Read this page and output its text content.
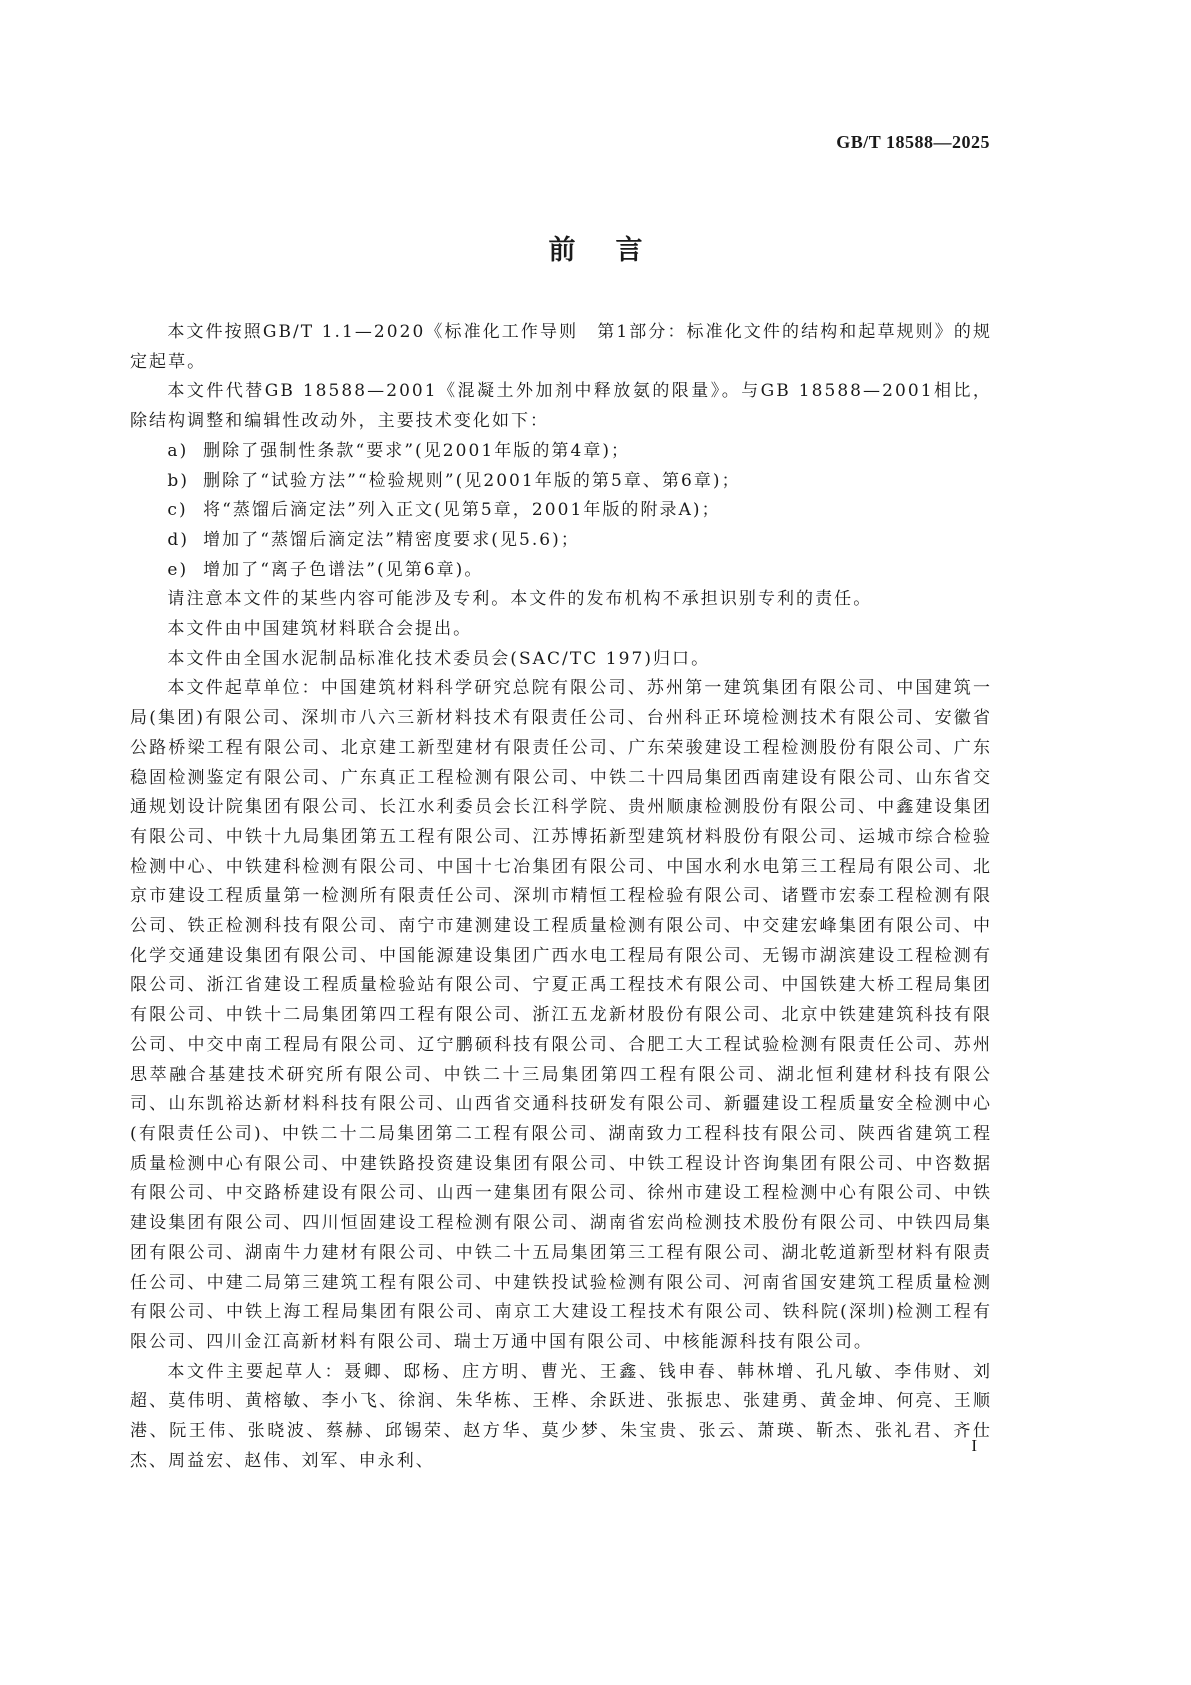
GB/T 18588—2025
前言

本文件按照GB/T 1.1—2020《标准化工作导则　第1部分：标准化文件的结构和起草规则》的规定起草。

本文件代替GB 18588—2001《混凝土外加剂中释放氨的限量》。与GB 18588—2001相比，除结构调整和编辑性改动外，主要技术变化如下：

a) 删除了强制性条款“要求”(见2001年版的第4章)；

b) 删除了“试验方法”“检验规则”(见2001年版的第5章、第6章)；

c) 将“蒸馏后滴定法”列入正文(见第5章，2001年版的附录A)；

d) 增加了“蒸馏后滴定法”精密度要求(见5.6)；

e) 增加了“离子色谱法”(见第6章)。

请注意本文件的某些内容可能涉及专利。本文件的发布机构不承担识别专利的责任。

本文件由中国建筑材料联合会提出。

本文件由全国水泥制品标准化技术委员会(SAC/TC 197)归口。

本文件起草单位：中国建筑材料科学研究总院有限公司、苏州第一建筑集团有限公司、中国建筑一局(集团)有限公司、深圳市八六三新材料技术有限责任公司、台州科正环境检测技术有限公司、安徽省公路桥梁工程有限公司、北京建工新型建材有限责任公司、广东荣骏建设工程检测股份有限公司、广东稳固检测鉴定有限公司、广东真正工程检测有限公司、中铁二十四局集团西南建设有限公司、山东省交通规划设计院集团有限公司、长江水利委员会长江科学院、贵州顺康检测股份有限公司、中鑫建设集团有限公司、中铁十九局集团第五工程有限公司、江苏博拓新型建筑材料股份有限公司、运城市综合检验检测中心、中铁建科检测有限公司、中国十七冶集团有限公司、中国水利水电第三工程局有限公司、北京市建设工程质量第一检测所有限责任公司、深圳市精恒工程检验有限公司、诸暨市宏泰工程检测有限公司、铁正检测科技有限公司、南宁市建测建设工程质量检测有限公司、中交建宏峰集团有限公司、中化学交通建设集团有限公司、中国能源建设集团广西水电工程局有限公司、无锡市湖滨建设工程检测有限公司、浙江省建设工程质量检验站有限公司、宁夏正禹工程技术有限公司、中国铁建大桥工程局集团有限公司、中铁十二局集团第四工程有限公司、浙江五龙新材股份有限公司、北京中铁建建筑科技有限公司、中交中南工程局有限公司、辽宁鹏硕科技有限公司、合肥工大工程试验检测有限责任公司、苏州思萃融合基建技术研究所有限公司、中铁二十三局集团第四工程有限公司、湖北恒利建材科技有限公司、山东凯裕达新材料科技有限公司、山西省交通科技研发有限公司、新疆建设工程质量安全检测中心(有限责任公司)、中铁二十二局集团第二工程有限公司、湖南致力工程科技有限公司、陕西省建筑工程质量检测中心有限公司、中建铁路投资建设集团有限公司、中铁工程设计咨询集团有限公司、中咨数据有限公司、中交路桥建设有限公司、山西一建集团有限公司、徐州市建设工程检测中心有限公司、中铁建设集团有限公司、四川恒固建设工程检测有限公司、湖南省宏尚检测技术股份有限公司、中铁四局集团有限公司、湖南牛力建材有限公司、中铁二十五局集团第三工程有限公司、湖北乾道新型材料有限责任公司、中建二局第三建筑工程有限公司、中建铁投试验检测有限公司、河南省国安建筑工程质量检测有限公司、中铁上海工程局集团有限公司、南京工大建设工程技术有限公司、铁科院(深圳)检测工程有限公司、四川金江高新材料有限公司、瑞士万通中国有限公司、中核能源科技有限公司。

本文件主要起草人：聂卿、邸杨、庄方明、曹光、王鑫、钱申春、韩林增、孔凡敏、李伟财、刘超、莫伟明、黄榕敏、李小飞、徐润、朱华栋、王桦、余跃进、张振忠、张建勇、黄金坤、何亮、王顺港、阮王伟、张晓波、蔡赫、邱锡荣、赵方华、莫少梦、朱宝贵、张云、萧瑛、靳杰、张礼君、齐仕杰、周益宏、赵伟、刘军、申永利、

I
